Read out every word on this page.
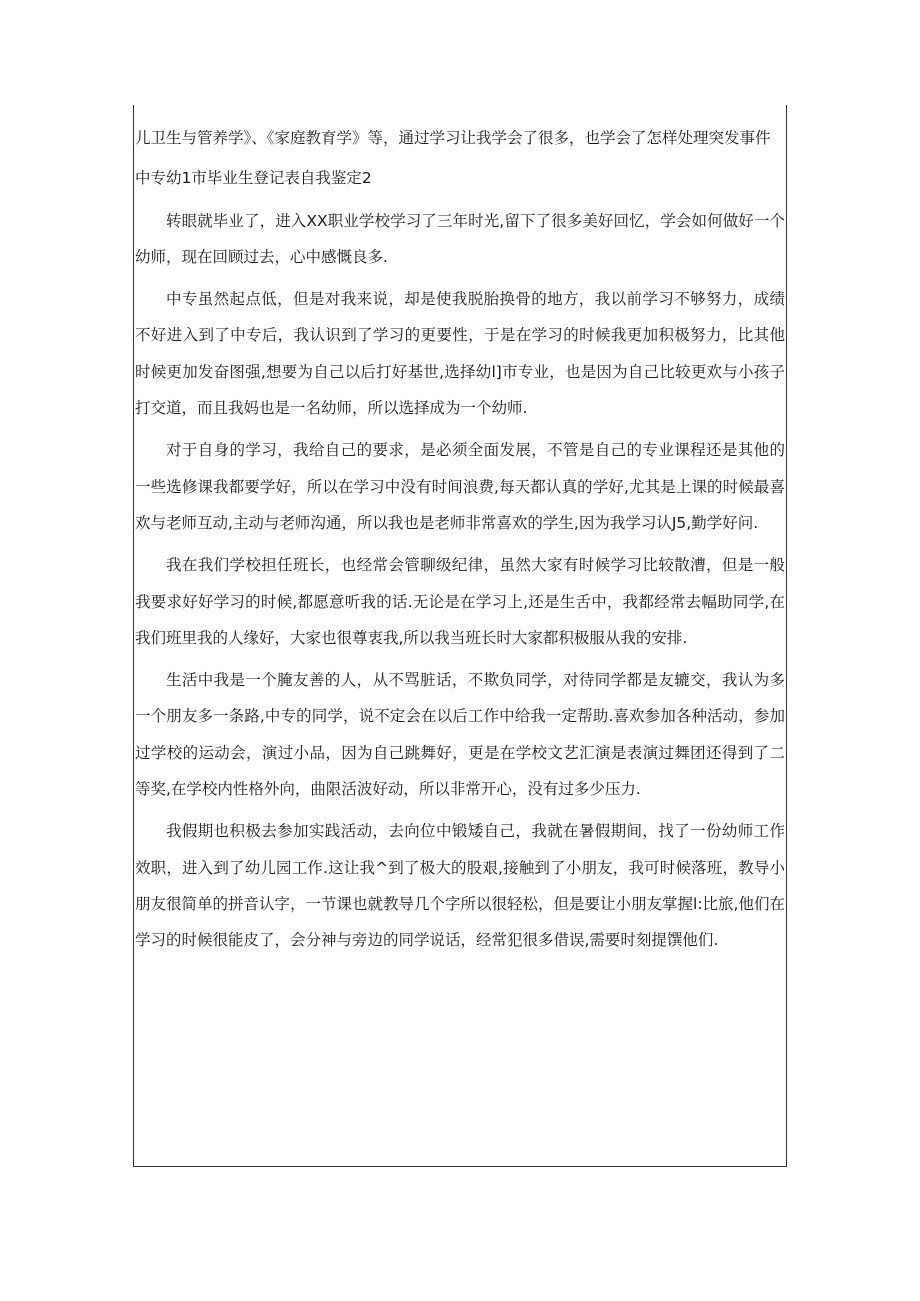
儿卫生与管养学》、《家庭教育学》等，通过学习让我学会了很多，也学会了怎样处理突发事件

中专幼1市毕业生登记表自我鉴定2

转眼就毕业了，进入XX职业学校学习了三年时光,留下了很多美好回忆，学会如何做好一个幼师，现在回顾过去，心中感慨良多.

中专虽然起点低，但是对我来说，却是使我脱胎换骨的地方，我以前学习不够努力，成绩不好进入到了中专后，我认识到了学习的更要性，于是在学习的时候我更加积极努力，比其他时候更加发奋图强,想要为自己以后打好基世,选择幼l]市专业，也是因为自己比较更欢与小孩子打交道，而且我妈也是一名幼师，所以选择成为一个幼师.

对于自身的学习，我给自己的要求，是必须全面发展，不管是自己的专业课程还是其他的一些选修课我都要学好，所以在学习中没有时间浪费,每天都认真的学好,尤其是上课的时候最喜欢与老师互动,主动与老师沟通，所以我也是老师非常喜欢的学生,因为我学习认J5,勤学好问.

我在我们学校担任班长，也经常会管聊级纪律，虽然大家有时候学习比较散漕，但是一般我要求好好学习的时候,都愿意听我的话.无论是在学习上,还是生舌中，我都经常去幅助同学,在我们班里我的人缘好，大家也很尊衷我,所以我当班长时大家都积极服从我的安排.

生活中我是一个腌友善的人，从不骂脏话，不欺负同学，对待同学都是友辘交，我认为多一个朋友多一条路,中专的同学，说不定会在以后工作中给我一定帮助.喜欢参加各种活动，参加过学校的运动会，演过小品，因为自己跳舞好，更是在学校文艺汇演是表演过舞团还得到了二等奖,在学校内性格外向，曲限活波好动，所以非常开心，没有过多少压力.

我假期也积极去参加实践活动，去向位中锻矮自己，我就在暑假期间，找了一份幼师工作效职，进入到了幼儿园工作.这让我^到了极大的股艰,接触到了小朋友，我可时候落班，教导小朋友很简单的拼音认字，一节课也就教导几个字所以很轻松，但是要让小朋友掌握l:比旅,他们在学习的时候很能皮了，会分神与旁边的同学说话，经常犯很多借误,需要时刻提馔他们.
